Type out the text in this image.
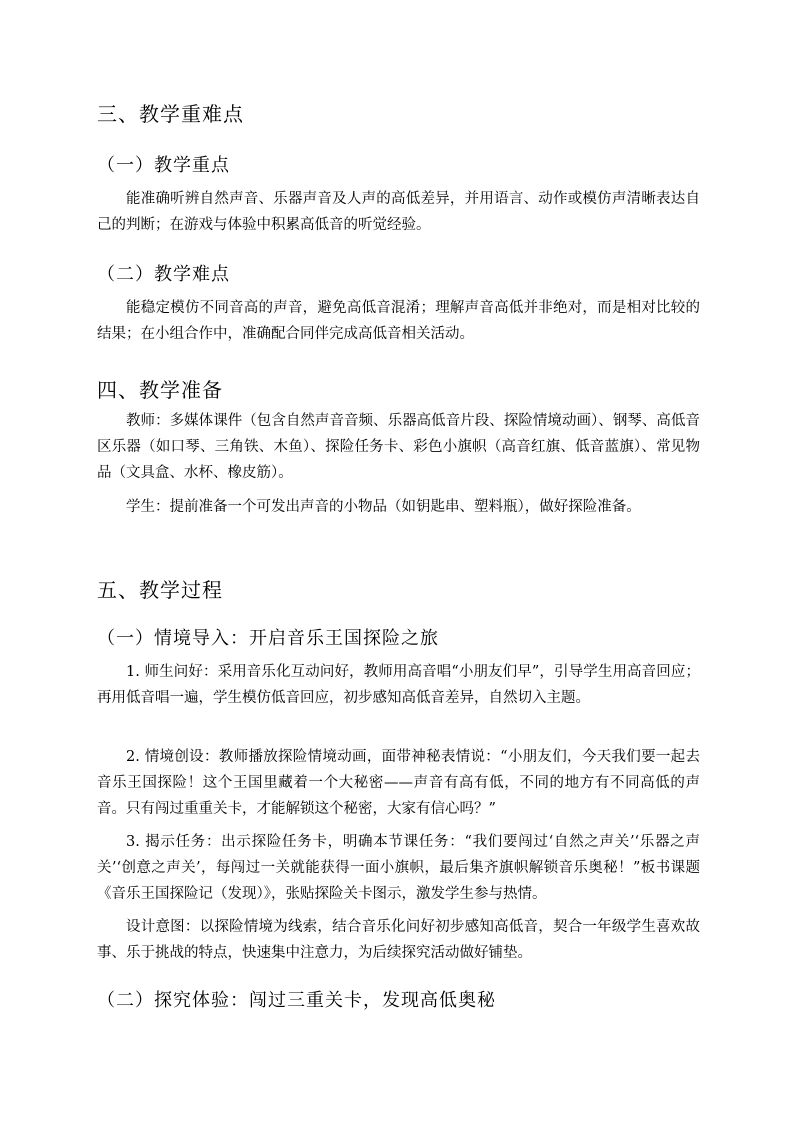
三、教学重难点
（一）教学重点
能准确听辨自然声音、乐器声音及人声的高低差异，并用语言、动作或模仿声清晰表达自己的判断；在游戏与体验中积累高低音的听觉经验。
（二）教学难点
能稳定模仿不同音高的声音，避免高低音混淆；理解声音高低并非绝对，而是相对比较的结果；在小组合作中，准确配合同伴完成高低音相关活动。
四、教学准备
教师：多媒体课件（包含自然声音音频、乐器高低音片段、探险情境动画）、钢琴、高低音区乐器（如口琴、三角铁、木鱼）、探险任务卡、彩色小旗帜（高音红旗、低音蓝旗）、常见物品（文具盒、水杯、橡皮筋）。
学生：提前准备一个可发出声音的小物品（如钥匙串、塑料瓶），做好探险准备。
五、教学过程
（一）情境导入：开启音乐王国探险之旅
1. 师生问好：采用音乐化互动问好，教师用高音唱“小朋友们早”，引导学生用高音回应；再用低音唱一遍，学生模仿低音回应，初步感知高低音差异，自然切入主题。
2. 情境创设：教师播放探险情境动画，面带神秘表情说：“小朋友们，今天我们要一起去音乐王国探险！这个王国里藏着一个大秘密——声音有高有低，不同的地方有不同高低的声音。只有闯过重重关卡，才能解锁这个秘密，大家有信心吗？”
3. 揭示任务：出示探险任务卡，明确本节课任务：“我们要闯过‘自然之声关’‘乐器之声关’‘创意之声关’，每闯过一关就能获得一面小旗帜，最后集齐旗帜解锁音乐奥秘！”板书课题《音乐王国探险记（发现）》，张贴探险关卡图示，激发学生参与热情。
设计意图：以探险情境为线索，结合音乐化问好初步感知高低音，契合一年级学生喜欢故事、乐于挑战的特点，快速集中注意力，为后续探究活动做好铺垫。
（二）探究体验：闯过三重关卡，发现高低奥秘
